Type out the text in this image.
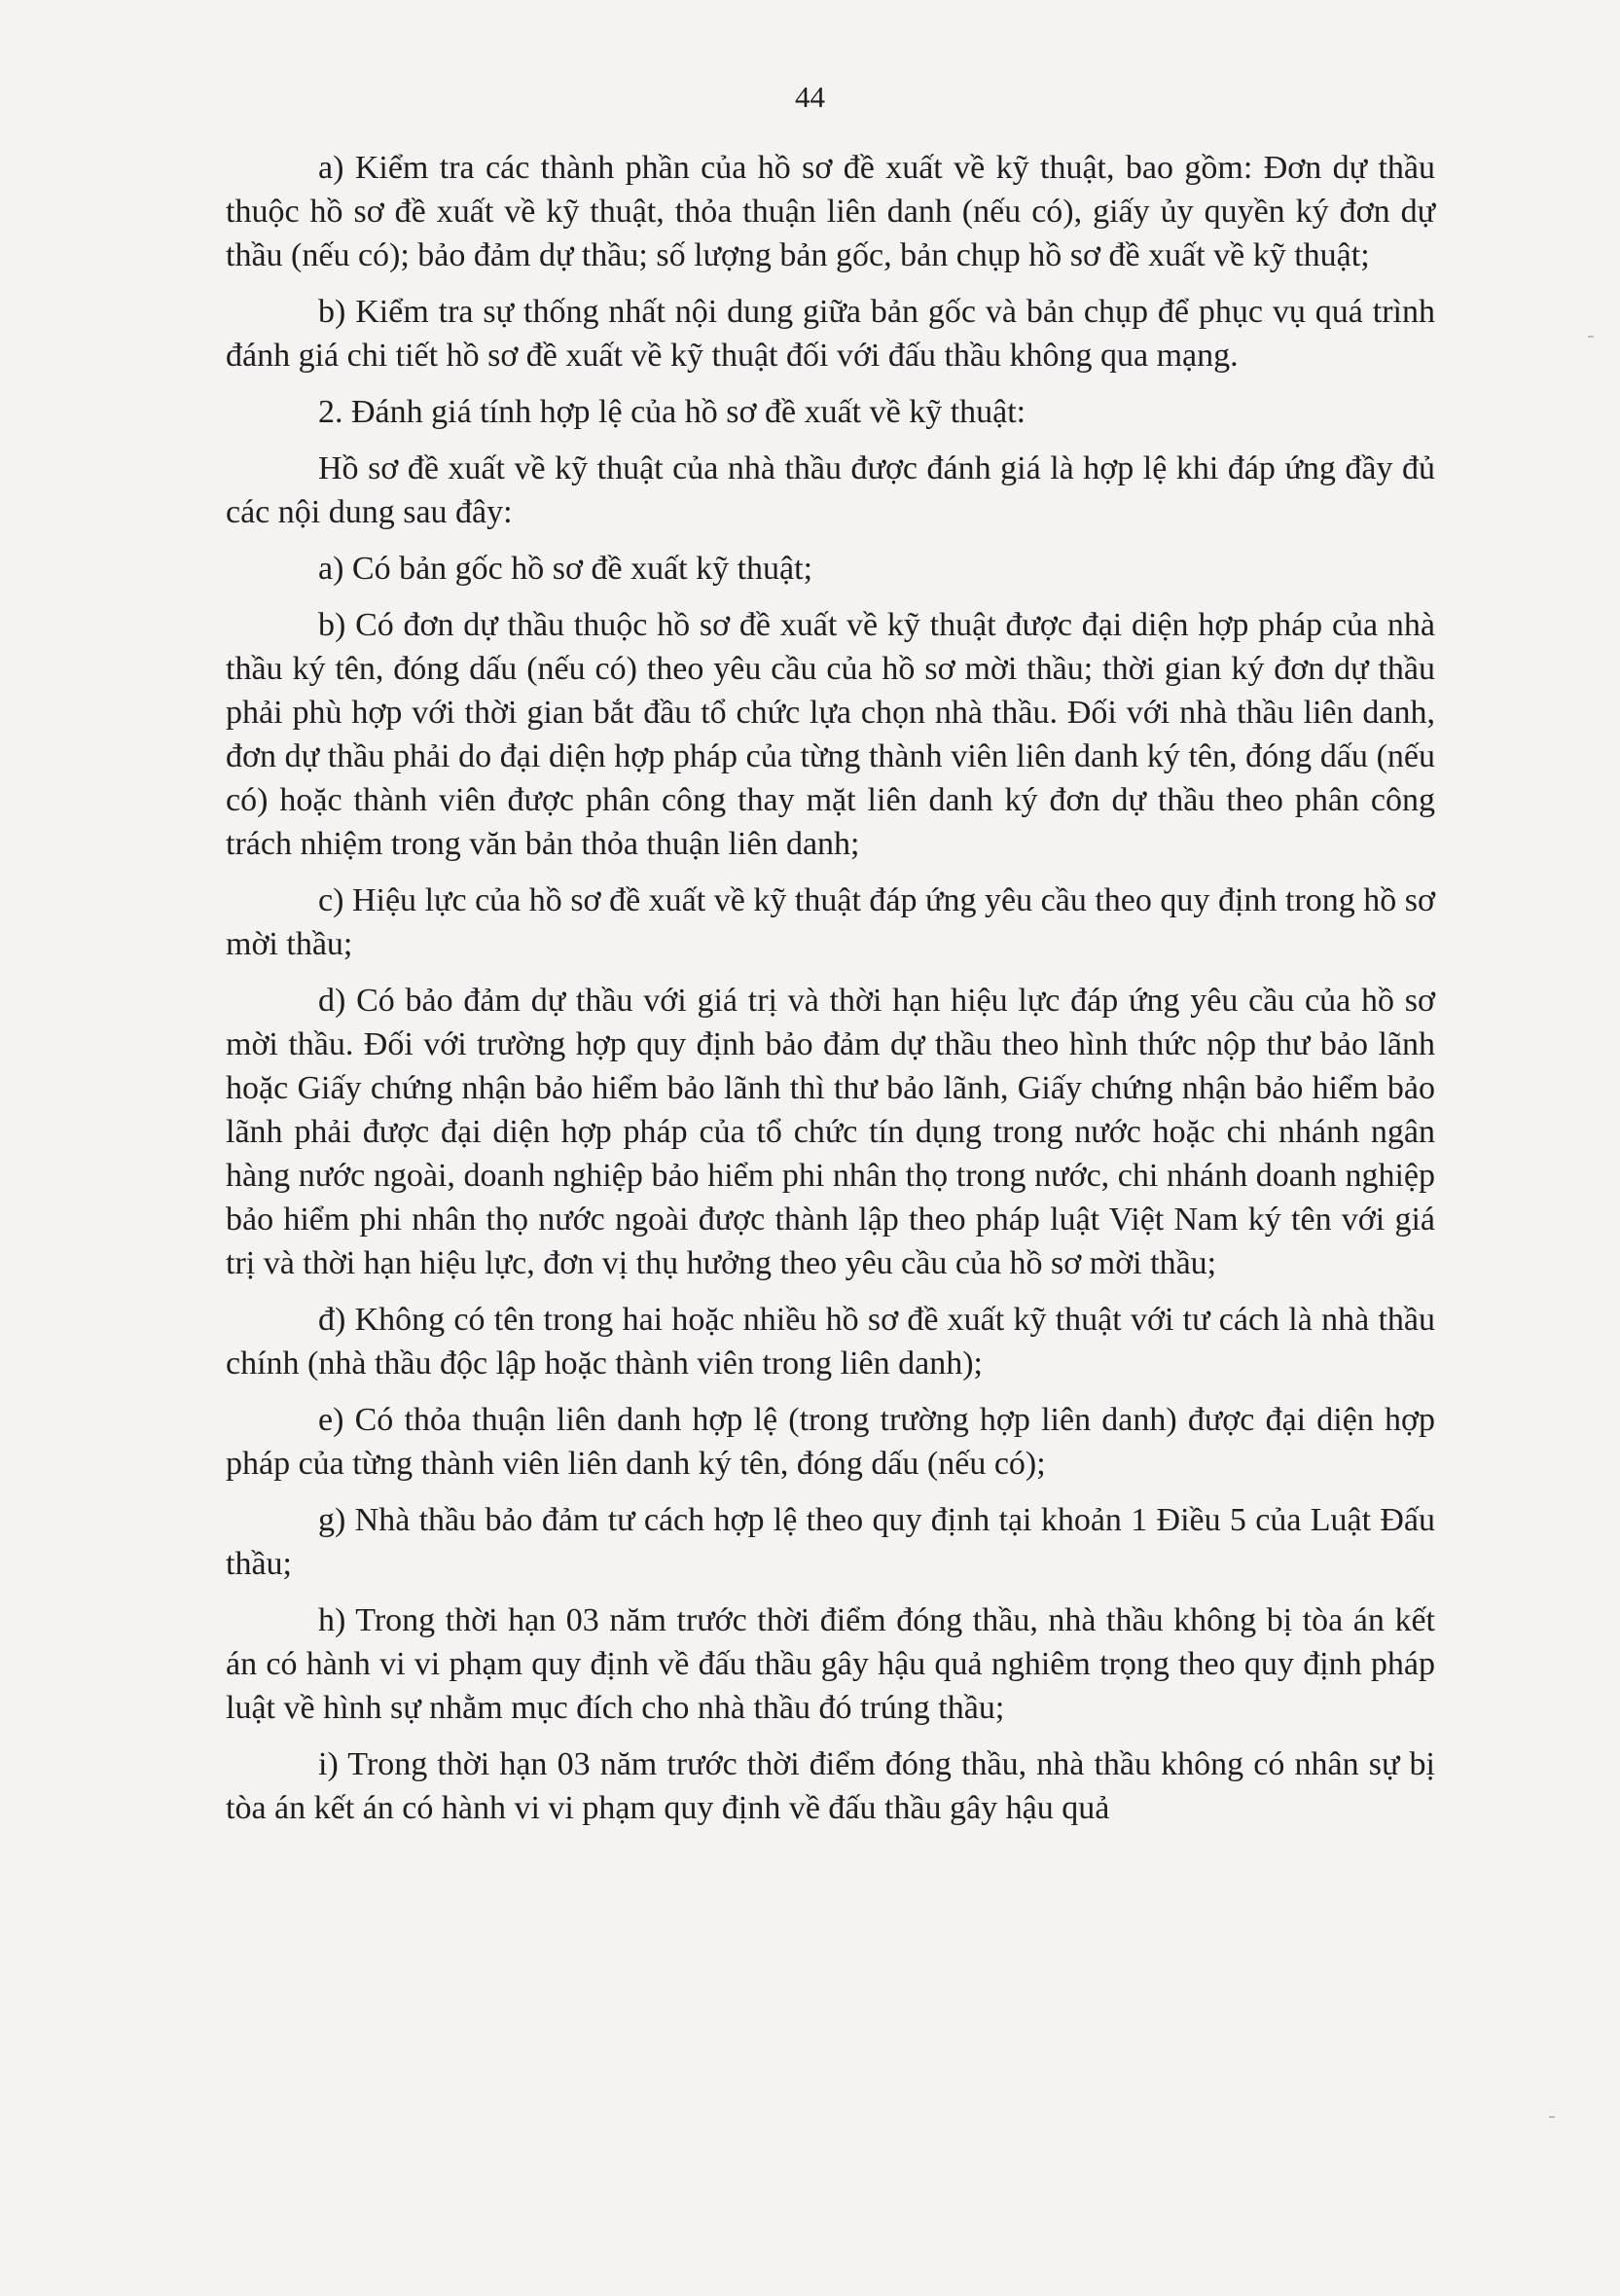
44

a) Kiểm tra các thành phần của hồ sơ đề xuất về kỹ thuật, bao gồm: Đơn dự thầu thuộc hồ sơ đề xuất về kỹ thuật, thỏa thuận liên danh (nếu có), giấy ủy quyền ký đơn dự thầu (nếu có); bảo đảm dự thầu; số lượng bản gốc, bản chụp hồ sơ đề xuất về kỹ thuật;

b) Kiểm tra sự thống nhất nội dung giữa bản gốc và bản chụp để phục vụ quá trình đánh giá chi tiết hồ sơ đề xuất về kỹ thuật đối với đấu thầu không qua mạng.

2. Đánh giá tính hợp lệ của hồ sơ đề xuất về kỹ thuật:

Hồ sơ đề xuất về kỹ thuật của nhà thầu được đánh giá là hợp lệ khi đáp ứng đầy đủ các nội dung sau đây:

a) Có bản gốc hồ sơ đề xuất kỹ thuật;

b) Có đơn dự thầu thuộc hồ sơ đề xuất về kỹ thuật được đại diện hợp pháp của nhà thầu ký tên, đóng dấu (nếu có) theo yêu cầu của hồ sơ mời thầu; thời gian ký đơn dự thầu phải phù hợp với thời gian bắt đầu tổ chức lựa chọn nhà thầu. Đối với nhà thầu liên danh, đơn dự thầu phải do đại diện hợp pháp của từng thành viên liên danh ký tên, đóng dấu (nếu có) hoặc thành viên được phân công thay mặt liên danh ký đơn dự thầu theo phân công trách nhiệm trong văn bản thỏa thuận liên danh;

c) Hiệu lực của hồ sơ đề xuất về kỹ thuật đáp ứng yêu cầu theo quy định trong hồ sơ mời thầu;

d) Có bảo đảm dự thầu với giá trị và thời hạn hiệu lực đáp ứng yêu cầu của hồ sơ mời thầu. Đối với trường hợp quy định bảo đảm dự thầu theo hình thức nộp thư bảo lãnh hoặc Giấy chứng nhận bảo hiểm bảo lãnh thì thư bảo lãnh, Giấy chứng nhận bảo hiểm bảo lãnh phải được đại diện hợp pháp của tổ chức tín dụng trong nước hoặc chi nhánh ngân hàng nước ngoài, doanh nghiệp bảo hiểm phi nhân thọ trong nước, chi nhánh doanh nghiệp bảo hiểm phi nhân thọ nước ngoài được thành lập theo pháp luật Việt Nam ký tên với giá trị và thời hạn hiệu lực, đơn vị thụ hưởng theo yêu cầu của hồ sơ mời thầu;

đ) Không có tên trong hai hoặc nhiều hồ sơ đề xuất kỹ thuật với tư cách là nhà thầu chính (nhà thầu độc lập hoặc thành viên trong liên danh);

e) Có thỏa thuận liên danh hợp lệ (trong trường hợp liên danh) được đại diện hợp pháp của từng thành viên liên danh ký tên, đóng dấu (nếu có);

g) Nhà thầu bảo đảm tư cách hợp lệ theo quy định tại khoản 1 Điều 5 của Luật Đấu thầu;

h) Trong thời hạn 03 năm trước thời điểm đóng thầu, nhà thầu không bị tòa án kết án có hành vi vi phạm quy định về đấu thầu gây hậu quả nghiêm trọng theo quy định pháp luật về hình sự nhằm mục đích cho nhà thầu đó trúng thầu;

i) Trong thời hạn 03 năm trước thời điểm đóng thầu, nhà thầu không có nhân sự bị tòa án kết án có hành vi vi phạm quy định về đấu thầu gây hậu quả
